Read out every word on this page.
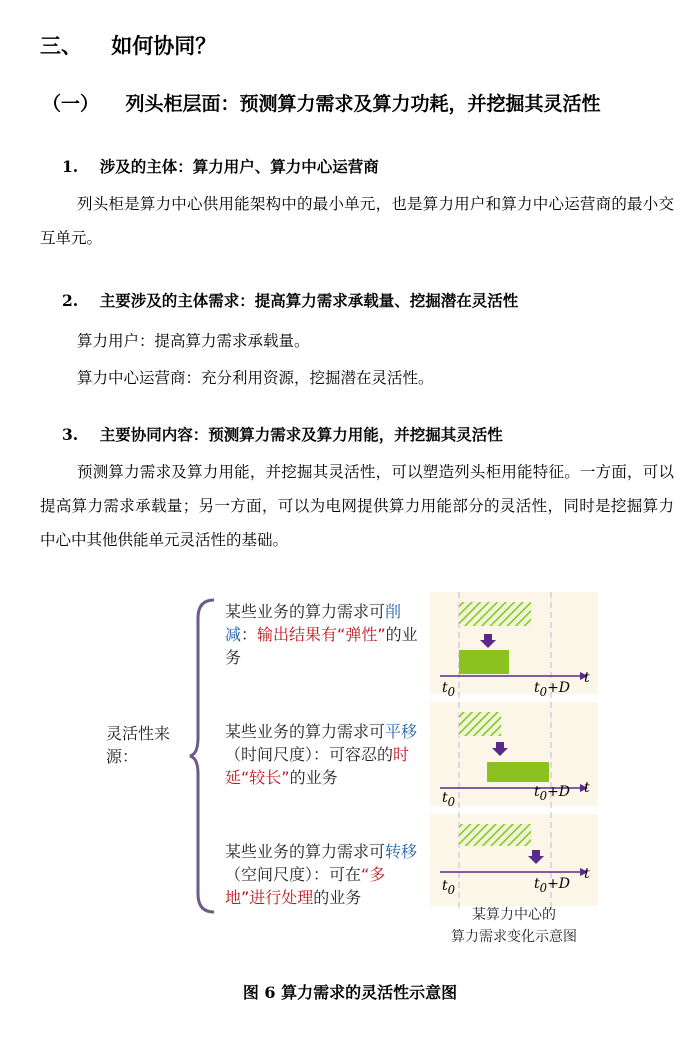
三、 如何协同？
（一） 列头柜层面：预测算力需求及算力功耗，并挖掘其灵活性
1. 涉及的主体：算力用户、算力中心运营商
列头柜是算力中心供用能架构中的最小单元，也是算力用户和算力中心运营商的最小交互单元。
2. 主要涉及的主体需求：提高算力需求承载量、挖掘潜在灵活性
算力用户：提高算力需求承载量。
算力中心运营商：充分利用资源，挖掘潜在灵活性。
3. 主要协同内容：预测算力需求及算力用能，并挖掘其灵活性
预测算力需求及算力用能，并挖掘其灵活性，可以塑造列头柜用能特征。一方面，可以提高算力需求承载量；另一方面，可以为电网提供算力用能部分的灵活性，同时是挖掘算力中心中其他供能单元灵活性的基础。
灵活性来源：
某些业务的算力需求可削减：输出结果有“弹性”的业务
某些业务的算力需求可平移（时间尺度）：可容忍的时延“较长”的业务
某些业务的算力需求可转移（空间尺度）：可在“多地”进行处理的业务
$t_0$	$t_0+D$
t
$t_0$
$t_0+D$ t
$t_0$	$t_0+D$
t
某算力中心的
算力需求变化示意图
图 6 算力需求的灵活性示意图
